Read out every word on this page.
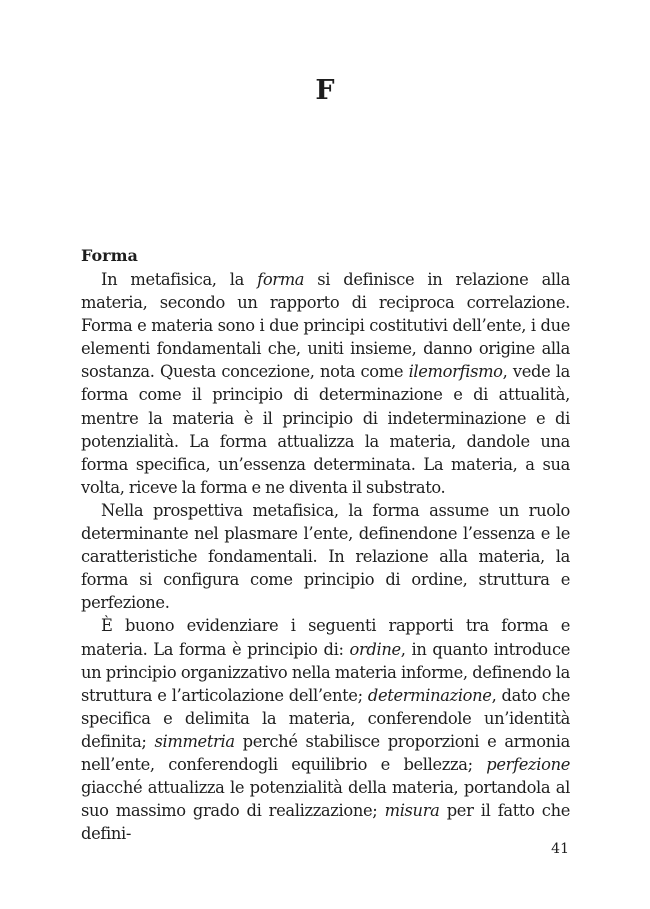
F
Forma

In metafisica, la forma si definisce in relazione alla materia, secondo un rapporto di reciproca correlazione. Forma e materia sono i due principi costitutivi dell’ente, i due elementi fondamentali che, uniti insieme, danno origine alla sostanza. Questa concezione, nota come ilemorfismo, vede la forma come il principio di determinazione e di attualità, mentre la materia è il principio di indeterminazione e di potenzialità. La forma attualizza la materia, dandole una forma specifica, un’essenza determinata. La materia, a sua volta, riceve la forma e ne diventa il substrato.

Nella prospettiva metafisica, la forma assume un ruolo determinante nel plasmare l’ente, definendone l’essenza e le caratteristiche fondamentali. In relazione alla materia, la forma si configura come principio di ordine, struttura e perfezione.

È buono evidenziare i seguenti rapporti tra forma e materia. La forma è principio di: ordine, in quanto introduce un principio organizzativo nella materia informe, definendo la struttura e l’articolazione dell’ente; determinazione, dato che specifica e delimita la materia, conferendole un’identità definita; simmetria perché stabilisce proporzioni e armonia nell’ente, conferendogli equilibrio e bellezza; perfezione giacché attualizza le potenzialità della materia, portandola al suo massimo grado di realizzazione; misura per il fatto che defini-

41
